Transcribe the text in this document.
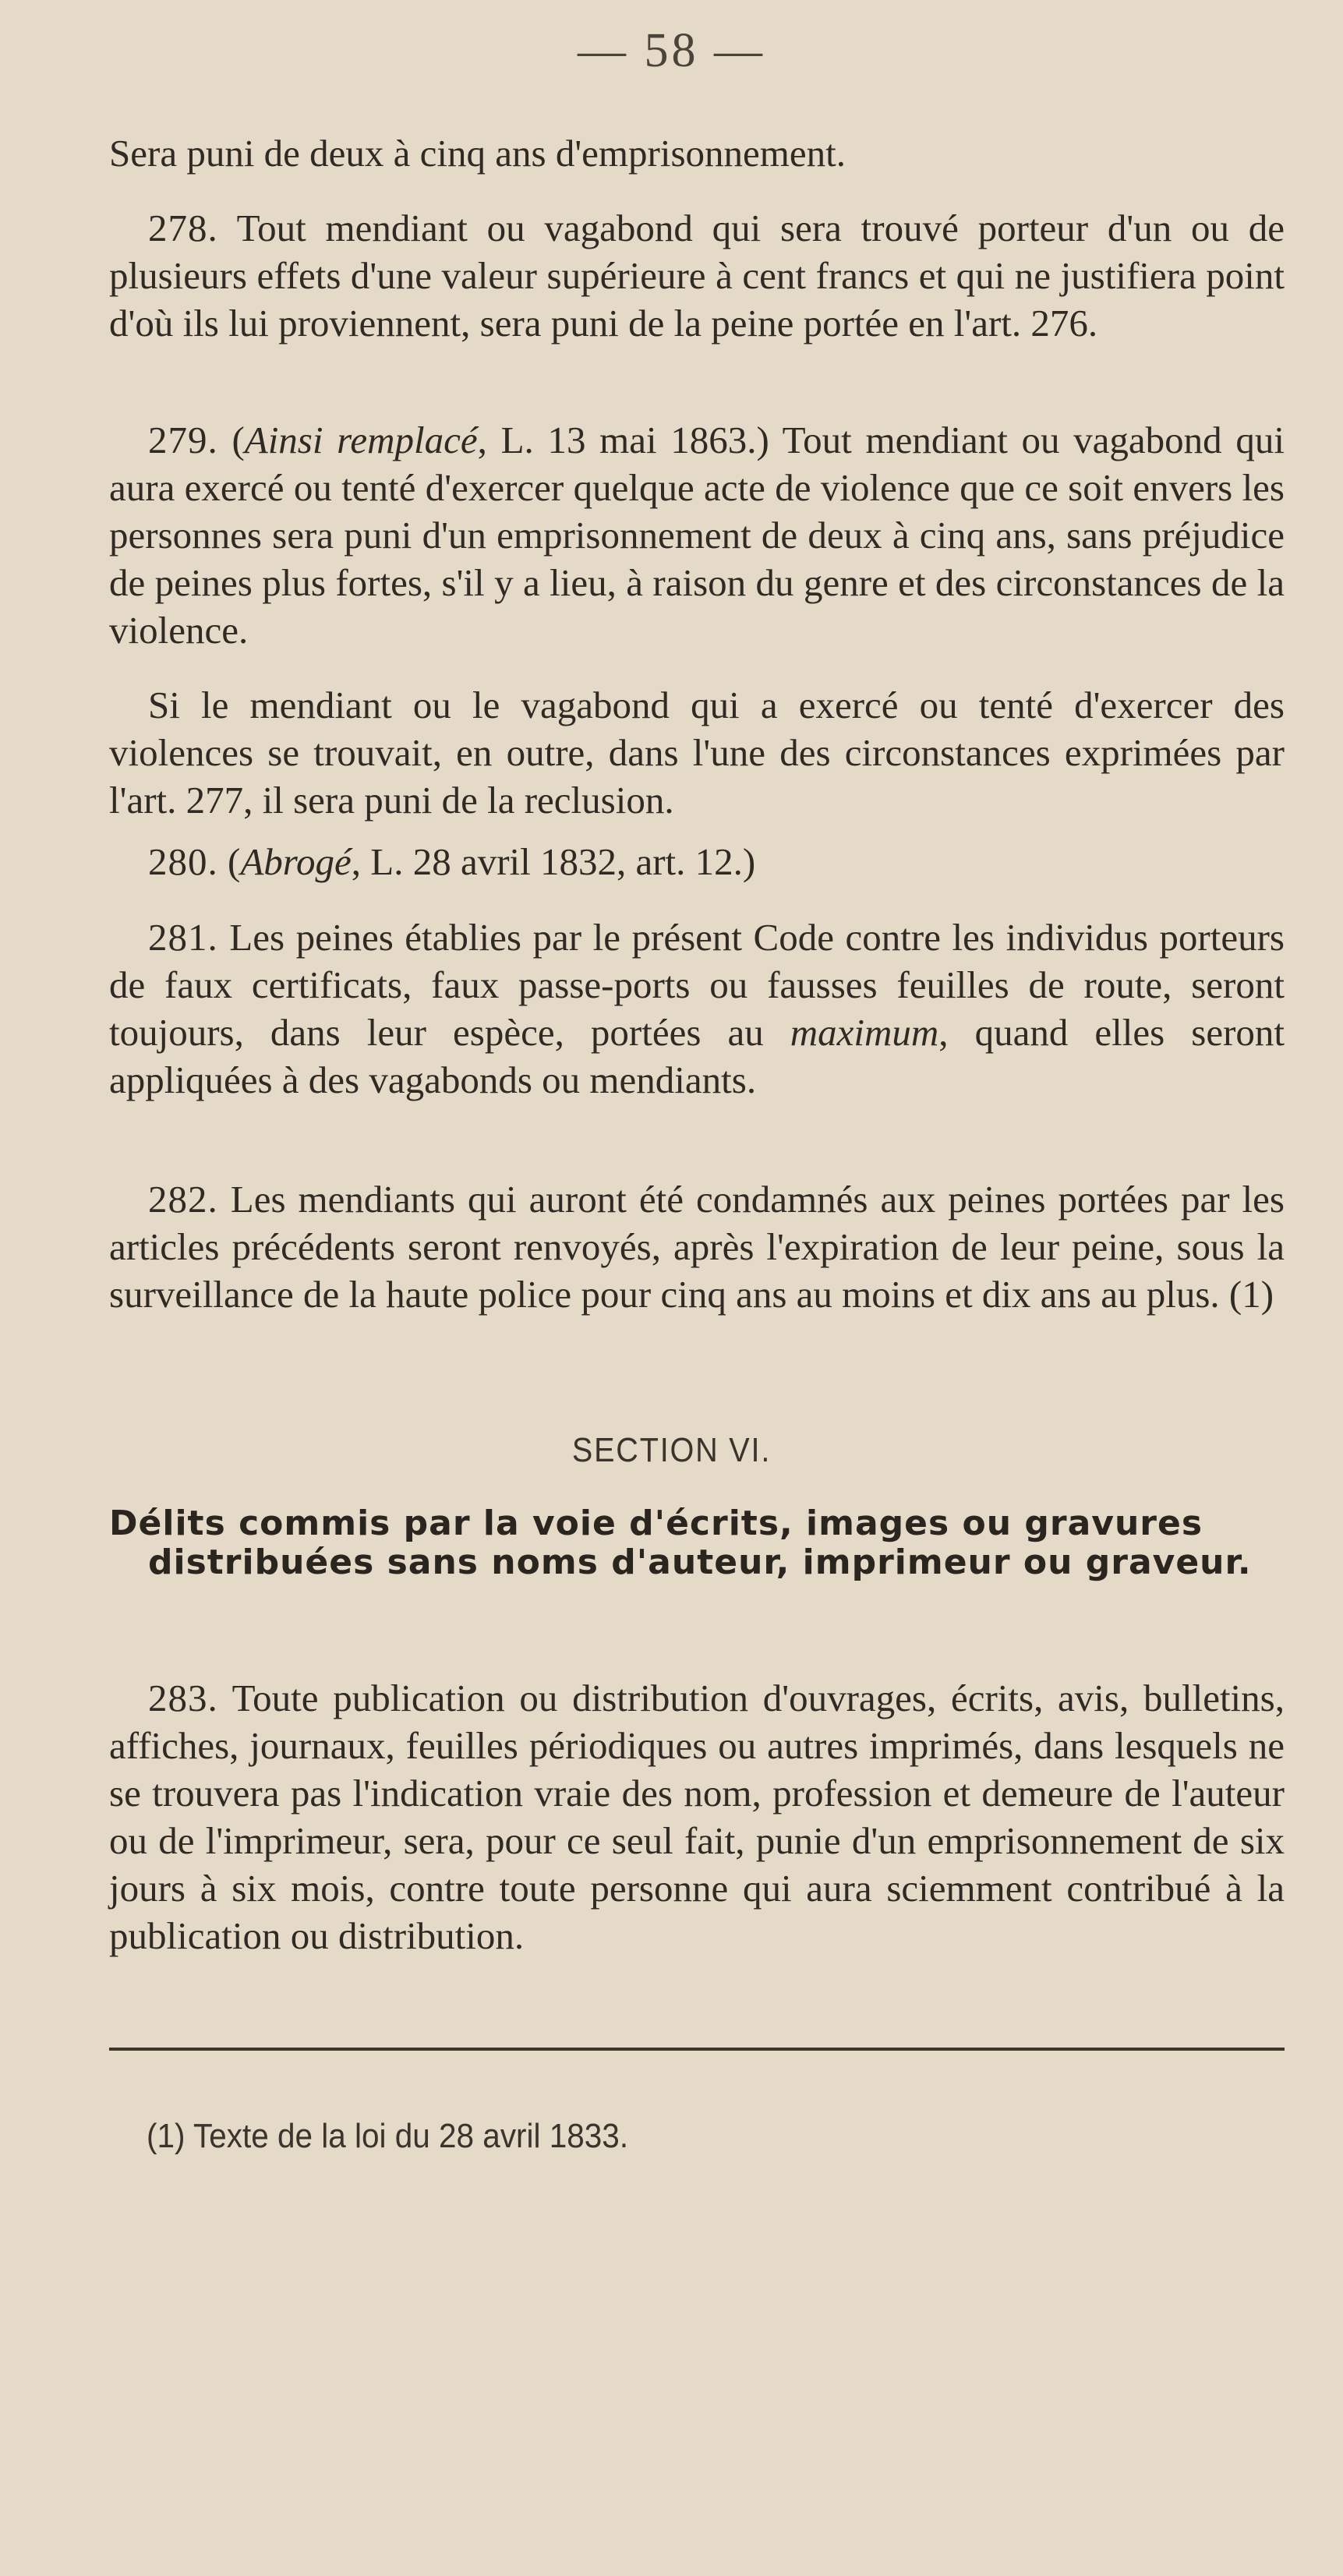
— 58 —

Sera puni de deux à cinq ans d'emprisonnement.

278. Tout mendiant ou vagabond qui sera trouvé porteur d'un ou de plusieurs effets d'une valeur supérieure à cent francs et qui ne justifiera point d'où ils lui proviennent, sera puni de la peine portée en l'art. 276.

279. (Ainsi remplacé, L. 13 mai 1863.) Tout mendiant ou vagabond qui aura exercé ou tenté d'exercer quelque acte de violence que ce soit envers les personnes sera puni d'un emprisonnement de deux à cinq ans, sans préjudice de peines plus fortes, s'il y a lieu, à raison du genre et des circonstances de la violence.

Si le mendiant ou le vagabond qui a exercé ou tenté d'exercer des violences se trouvait, en outre, dans l'une des circonstances exprimées par l'art. 277, il sera puni de la reclusion.

280. (Abrogé, L. 28 avril 1832, art. 12.)

281. Les peines établies par le présent Code contre les individus porteurs de faux certificats, faux passe-ports ou fausses feuilles de route, seront toujours, dans leur espèce, portées au maximum, quand elles seront appliquées à des vagabonds ou mendiants.

282. Les mendiants qui auront été condamnés aux peines portées par les articles précédents seront renvoyés, après l'expiration de leur peine, sous la surveillance de la haute police pour cinq ans au moins et dix ans au plus. (1)

SECTION VI.
Délits commis par la voie d'écrits, images ou gravures
distribuées sans noms d'auteur, imprimeur ou graveur.

283. Toute publication ou distribution d'ouvrages, écrits, avis, bulletins, affiches, journaux, feuilles périodiques ou autres imprimés, dans lesquels ne se trouvera pas l'indication vraie des nom, profession et demeure de l'auteur ou de l'imprimeur, sera, pour ce seul fait, punie d'un emprisonnement de six jours à six mois, contre toute personne qui aura sciemment contribué à la publication ou distribution.

(1) Texte de la loi du 28 avril 1833.
